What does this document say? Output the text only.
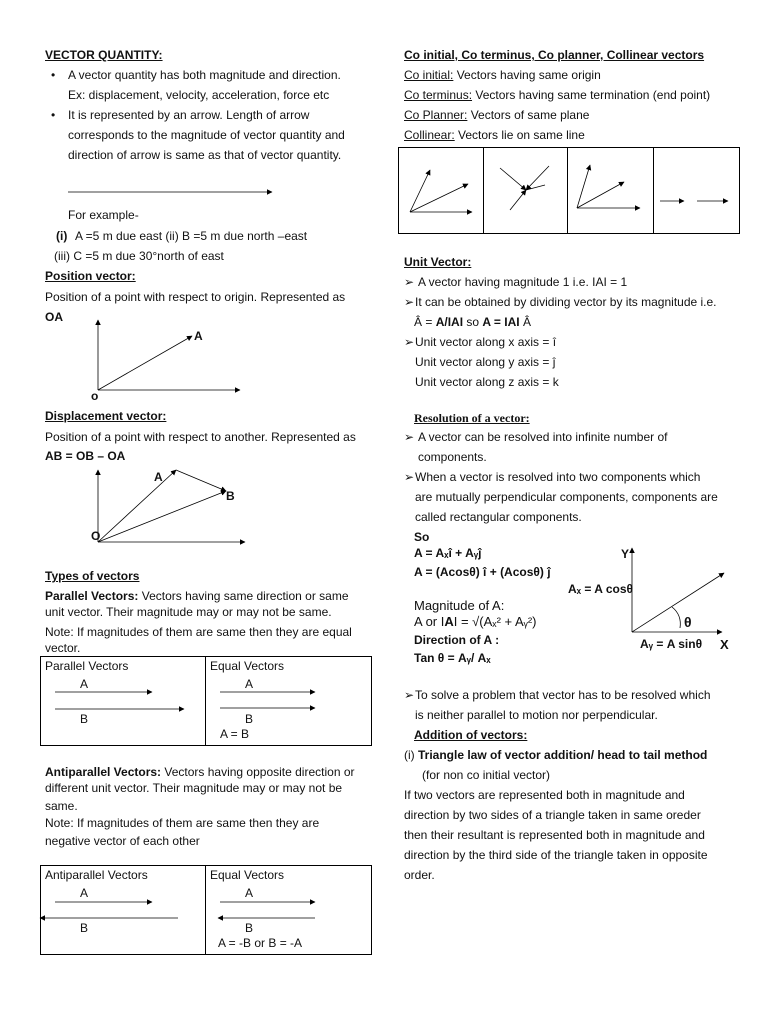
VECTOR QUANTITY:
• A vector quantity has both magnitude and direction.
Ex: displacement, velocity, acceleration, force etc
• It is represented by an arrow. Length of arrow
corresponds to the magnitude of vector quantity and
direction of arrow is same as that of vector quantity.
For example-
(i) A =5 m due east (ii) B =5 m due north –east
(iii) C =5 m due 30°north of east
Position vector:
Position of a point with respect to origin. Represented as
OA
A
o
Displacement vector:
Position of a point with respect to another. Represented as
AB = OB – OA
A
B
O
Types of vectors
Parallel Vectors: Vectors having same direction or same
unit vector. Their magnitude may or may not be same.
Note: If magnitudes of them are same then they are equal
vector.
Parallel Vectors	Equal Vectors
A
B
A
B
A = B
Antiparallel Vectors: Vectors having opposite direction or
different unit vector. Their magnitude may or may not be
same.
Note: If magnitudes of them are same then they are
negative vector of each other
Antiparallel Vectors	Equal Vectors
A
B
A
B
A = -B or B = -A
Co initial, Co terminus, Co planner, Collinear vectors
Co initial: Vectors having same origin
Co terminus: Vectors having same termination (end point)
Co Planner: Vectors of same plane
Collinear: Vectors lie on same line
Unit Vector:
➢ A vector having magnitude 1 i.e. IAI = 1
➢ It can be obtained by dividing vector by its magnitude i.e.
Â = A/IAI so A = IAI Â
➢ Unit vector along x axis = î
Unit vector along y axis = ĵ
Unit vector along z axis = k
Resolution of a vector:
➢ A vector can be resolved into infinite number of
components.
➢ When a vector is resolved into two components which
are mutually perpendicular components, components are
called rectangular components.
So
A = Aₓî + Aᵧĵ
A = (Acosθ) î + (Acosθ) ĵ
Magnitude of A:
A or IAI = √(Aₓ² + Aᵧ²)
Direction of A :
Tan θ = Aᵧ/ Aₓ
Y
Aₓ = A cosθ
θ
Aᵧ = A sinθ X
➢ To solve a problem that vector has to be resolved which
is neither parallel to motion nor perpendicular.
Addition of vectors:
(i) Triangle law of vector addition/ head to tail method
(for non co initial vector)
If two vectors are represented both in magnitude and
direction by two sides of a triangle taken in same oreder
then their resultant is represented both in magnitude and
direction by the third side of the triangle taken in opposite
order.
